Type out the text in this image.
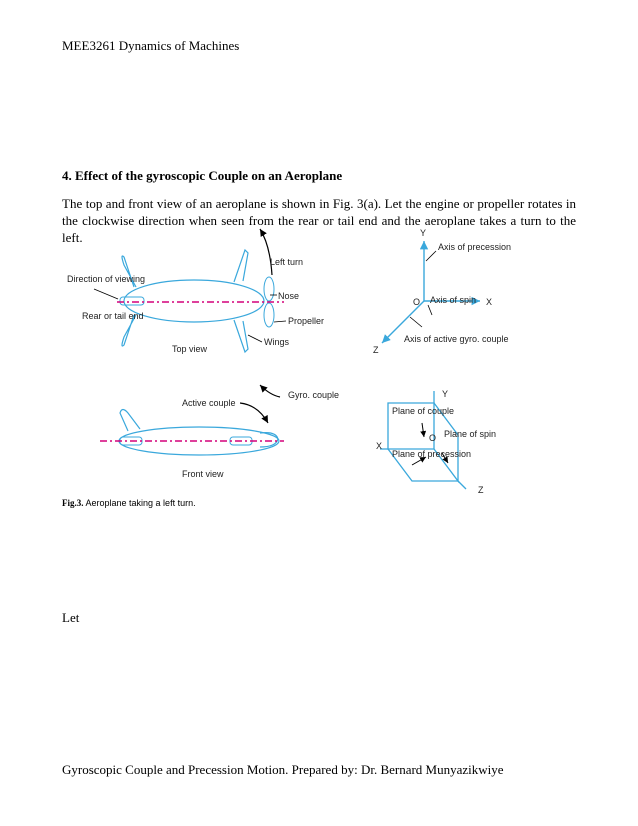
MEE3261 Dynamics of Machines
4. Effect of the gyroscopic Couple on an Aeroplane
The top and front view of an aeroplane is shown in Fig. 3(a). Let the engine or propeller rotates in the clockwise direction when seen from the rear or tail end and the aeroplane takes a turn to the left.
Direction of viewing
Rear or tail end
Left turn
Nose
Propeller
Wings
Top view
Active couple
Gyro. couple
Front view
Y
X
Z
O
Axis of precession
Axis of spin
Axis of active gyro. couple
Y
X
Z
O
Plane of couple
Plane of spin
Plane of precession
Fig.3. Aeroplane taking a left turn.
Let
Gyroscopic Couple and Precession Motion. Prepared by: Dr. Bernard Munyazikwiye
